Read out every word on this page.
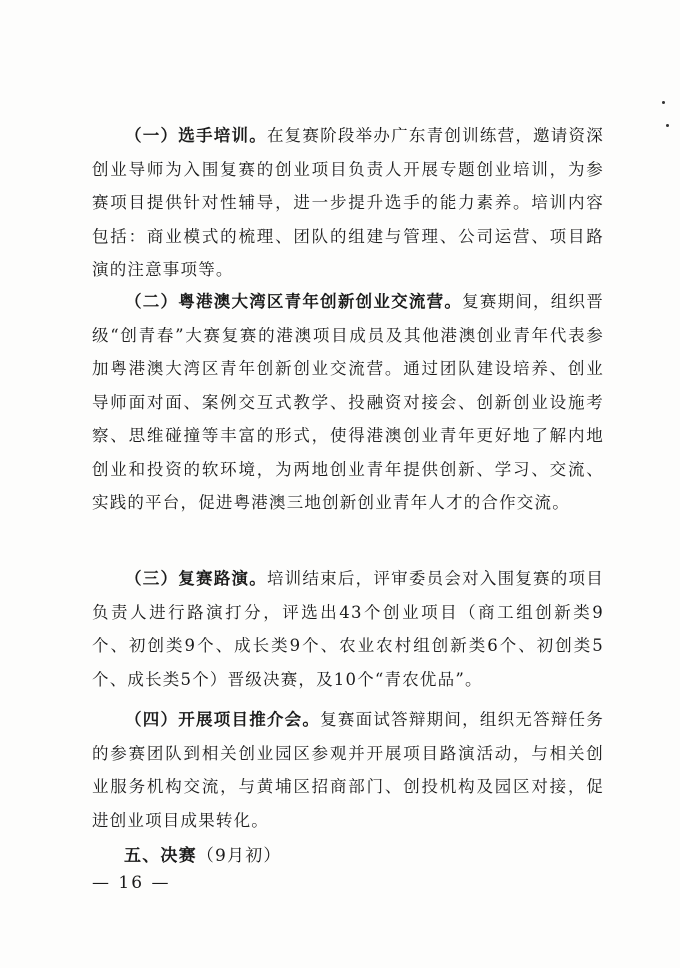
（一）选手培训。在复赛阶段举办广东青创训练营，邀请资深创业导师为入围复赛的创业项目负责人开展专题创业培训，为参赛项目提供针对性辅导，进一步提升选手的能力素养。培训内容包括：商业模式的梳理、团队的组建与管理、公司运营、项目路演的注意事项等。

（二）粤港澳大湾区青年创新创业交流营。复赛期间，组织晋级“创青春”大赛复赛的港澳项目成员及其他港澳创业青年代表参加粤港澳大湾区青年创新创业交流营。通过团队建设培养、创业导师面对面、案例交互式教学、投融资对接会、创新创业设施考察、思维碰撞等丰富的形式，使得港澳创业青年更好地了解内地创业和投资的软环境，为两地创业青年提供创新、学习、交流、实践的平台，促进粤港澳三地创新创业青年人才的合作交流。

（三）复赛路演。培训结束后，评审委员会对入围复赛的项目负责人进行路演打分，评选出43个创业项目（商工组创新类9个、初创类9个、成长类9个、农业农村组创新类6个、初创类5个、成长类5个）晋级决赛，及10个“青农优品”。

（四）开展项目推介会。复赛面试答辩期间，组织无答辩任务的参赛团队到相关创业园区参观并开展项目路演活动，与相关创业服务机构交流，与黄埔区招商部门、创投机构及园区对接，促进创业项目成果转化。

五、决赛（9月初）

— 16 —
